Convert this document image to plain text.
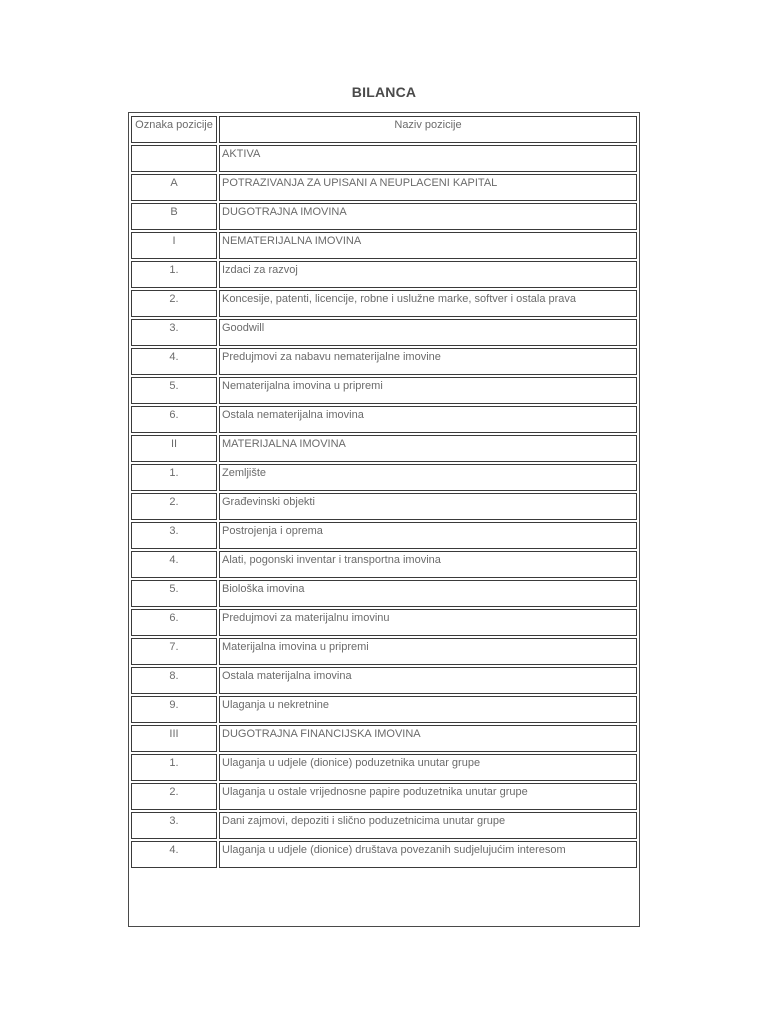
BILANCA
Oznaka pozicije	Naziv pozicije

	AKTIVA

A	POTRAZIVANJA ZA UPISANI A NEUPLACENI KAPITAL

B	DUGOTRAJNA IMOVINA

I	NEMATERIJALNA IMOVINA

1.	Izdaci za razvoj

2.	Koncesije, patenti, licencije, robne i uslužne marke, softver i ostala prava

3.	Goodwill

4.	Predujmovi za nabavu nematerijalne imovine

5.	Nematerijalna imovina u pripremi

6.	Ostala nematerijalna imovina

II	MATERIJALNA IMOVINA

1.	Zemljište

2.	Građevinski objekti

3.	Postrojenja i oprema

4.	Alati, pogonski inventar i transportna imovina

5.	Biološka imovina

6.	Predujmovi za materijalnu imovinu

7.	Materijalna imovina u pripremi

8.	Ostala materijalna imovina

9.	Ulaganja u nekretnine

III	DUGOTRAJNA FINANCIJSKA IMOVINA

1.	Ulaganja u udjele (dionice) poduzetnika unutar grupe

2.	Ulaganja u ostale vrijednosne papire poduzetnika unutar grupe

3.	Dani zajmovi, depoziti i slično poduzetnicima unutar grupe

4.	Ulaganja u udjele (dionice) društava povezanih sudjelujućim interesom
